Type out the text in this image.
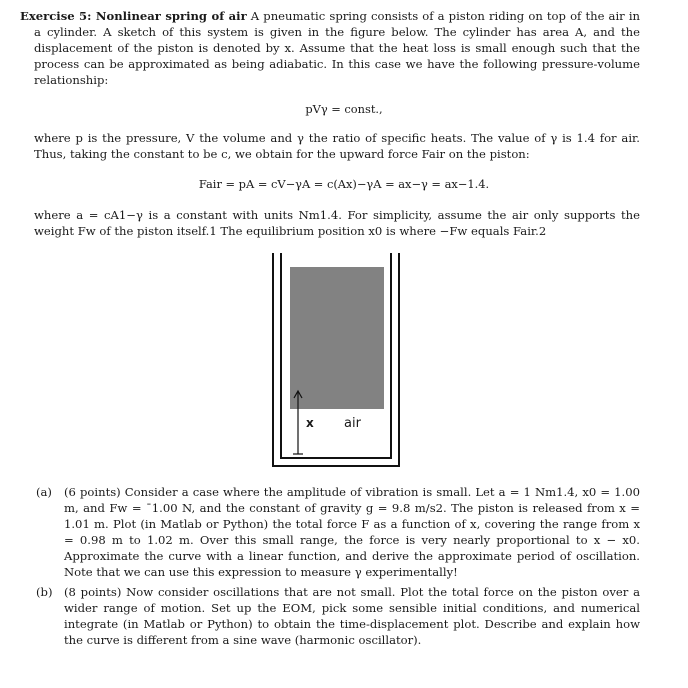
Exercise 5: Nonlinear spring of air A pneumatic spring consists of a piston riding on top of the air in a cylinder. A sketch of this system is given in the figure below. The cylinder has area A, and the displacement of the piston is denoted by x. Assume that the heat loss is small enough such that the process can be approximated as being adiabatic. In this case we have the following pressure-volume relationship:
pVγ = const.,
where p is the pressure, V the volume and γ the ratio of specific heats. The value of γ is 1.4 for air. Thus, taking the constant to be c, we obtain for the upward force Fair on the piston:
Fair = pA = cV−γA = c(Ax)−γA = ax−γ = ax−1.4.
where a = cA1−γ is a constant with units Nm1.4. For simplicity, assume the air only supports the weight Fw of the piston itself.1 The equilibrium position x0 is where −Fw equals Fair.2
x air
(a)	(6 points) Consider a case where the amplitude of vibration is small. Let a = 1 Nm1.4, x0 = 1.00 m, and Fw = ˉ1.00 N, and the constant of gravity g = 9.8 m/s2. The piston is released from x = 1.01 m. Plot (in Matlab or Python) the total force F as a function of x, covering the range from x = 0.98 m to 1.02 m. Over this small range, the force is very nearly proportional to x − x0. Approximate the curve with a linear function, and derive the approximate period of oscillation. Note that we can use this expression to measure γ experimentally!
(b) (8 points) Now consider oscillations that are not small. Plot the total force on the piston over a wider range of motion. Set up the EOM, pick some sensible initial conditions, and numerical integrate (in Matlab or Python) to obtain the time-displacement plot. Describe and explain how the curve is different from a sine wave (harmonic oscillator).
